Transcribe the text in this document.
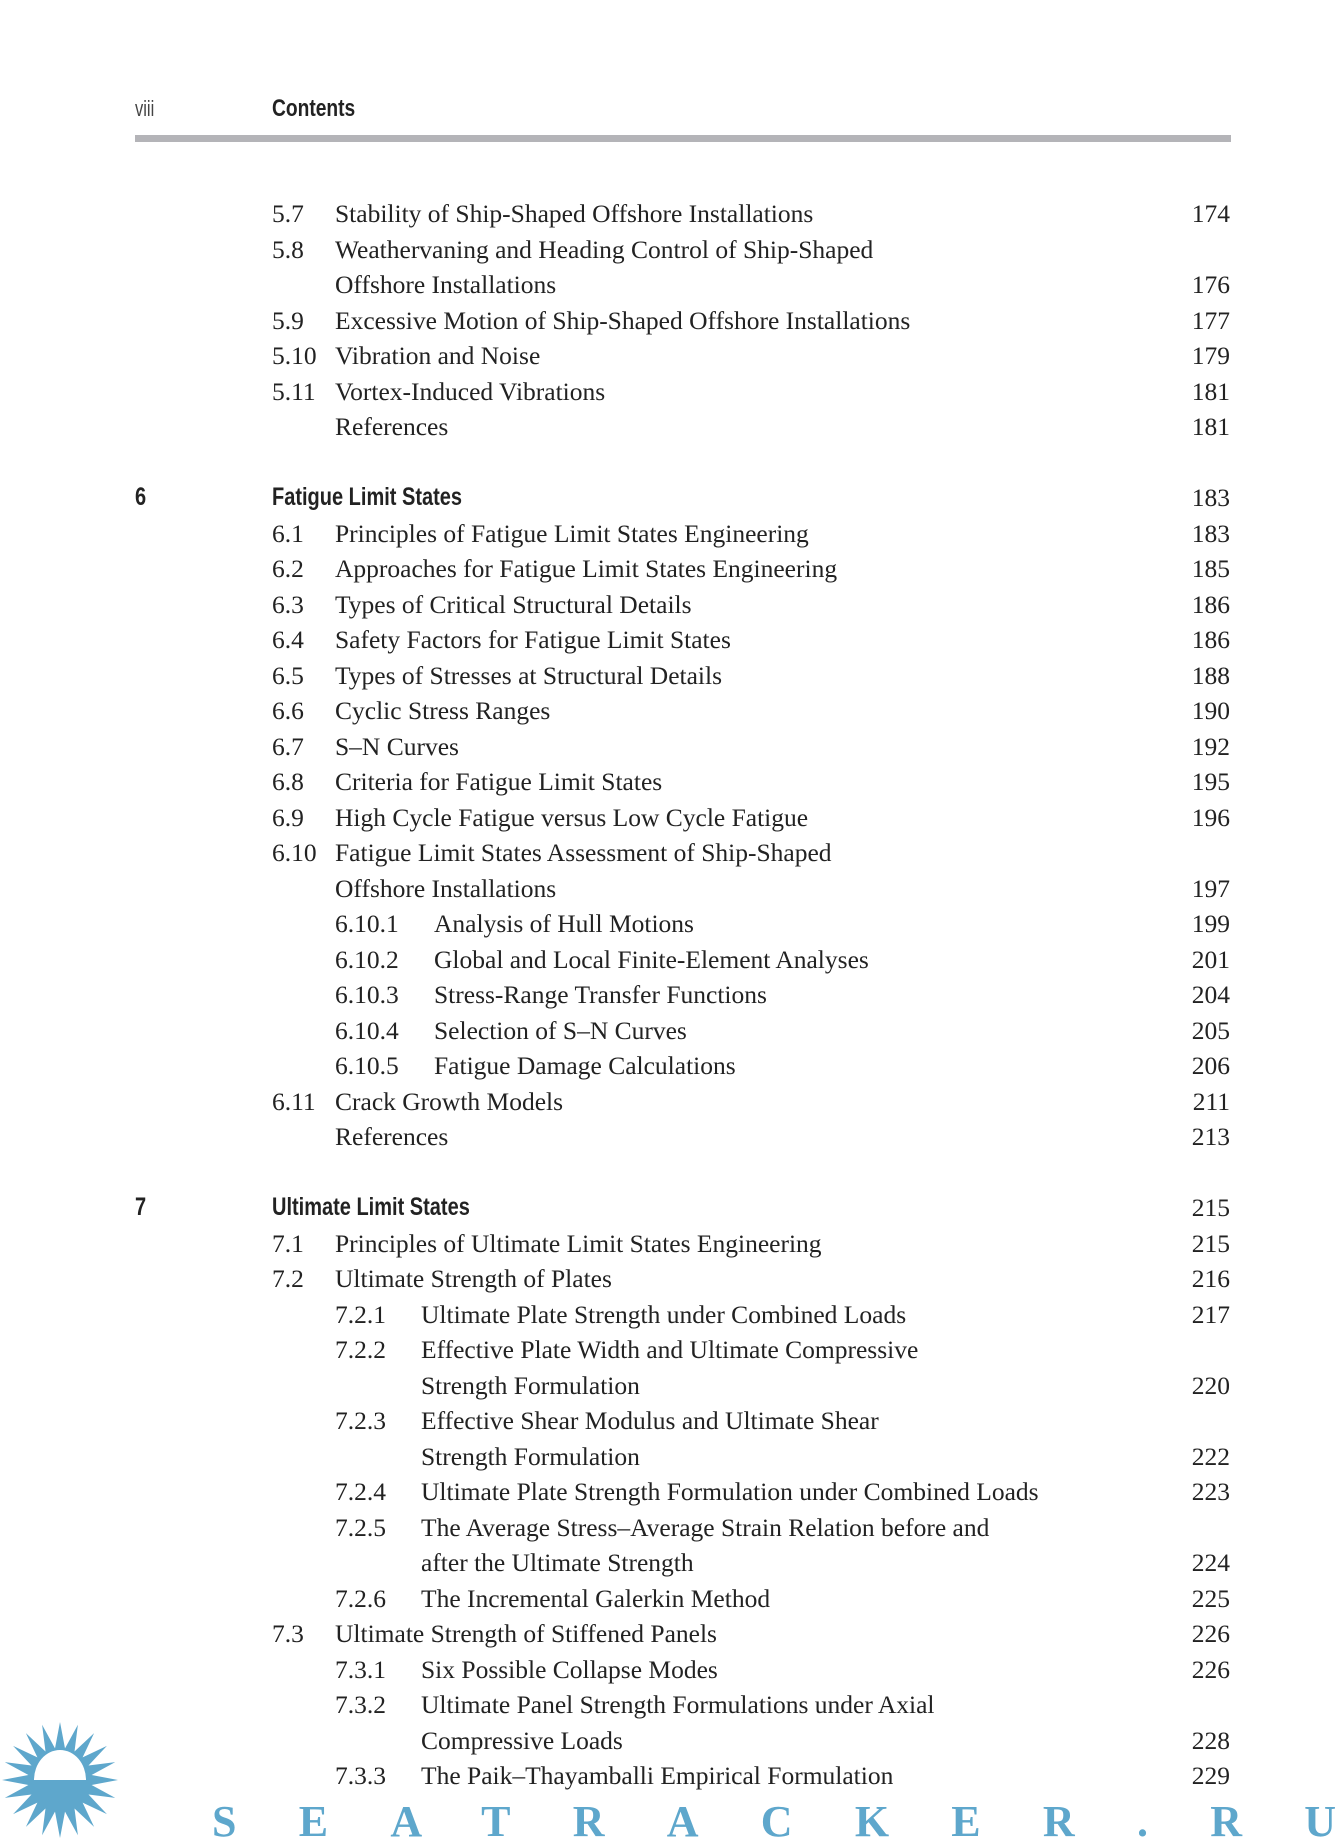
viii	Contents
5.7 Stability of Ship-Shaped Offshore Installations	174
5.8 Weathervaning and Heading Control of Ship-Shaped
Offshore Installations	176
5.9 Excessive Motion of Ship-Shaped Offshore Installations	177
5.10 Vibration and Noise	179
5.11 Vortex-Induced Vibrations	181
References	181
6	Fatigue Limit States	183
6.1 Principles of Fatigue Limit States Engineering	183
6.2 Approaches for Fatigue Limit States Engineering	185
6.3 Types of Critical Structural Details	186
6.4 Safety Factors for Fatigue Limit States	186
6.5 Types of Stresses at Structural Details	188
6.6 Cyclic Stress Ranges	190
6.7 S–N Curves	192
6.8 Criteria for Fatigue Limit States	195
6.9 High Cycle Fatigue versus Low Cycle Fatigue	196
6.10 Fatigue Limit States Assessment of Ship-Shaped
Offshore Installations	197
6.10.1 Analysis of Hull Motions	199
6.10.2 Global and Local Finite-Element Analyses	201
6.10.3 Stress-Range Transfer Functions	204
6.10.4 Selection of S–N Curves	205
6.10.5 Fatigue Damage Calculations	206
6.11 Crack Growth Models	211
References	213
7	Ultimate Limit States	215
7.1 Principles of Ultimate Limit States Engineering	215
7.2 Ultimate Strength of Plates	216
7.2.1 Ultimate Plate Strength under Combined Loads	217
7.2.2 Effective Plate Width and Ultimate Compressive
Strength Formulation	220
7.2.3 Effective Shear Modulus and Ultimate Shear
Strength Formulation	222
7.2.4 Ultimate Plate Strength Formulation under Combined Loads	223
7.2.5 The Average Stress–Average Strain Relation before and
after the Ultimate Strength	224
7.2.6 The Incremental Galerkin Method	225
7.3 Ultimate Strength of Stiffened Panels	226
7.3.1 Six Possible Collapse Modes	226
7.3.2 Ultimate Panel Strength Formulations under Axial
Compressive Loads	228
7.3.3 The Paik–Thayamballi Empirical Formulation	229
SEATRACKER.RU
